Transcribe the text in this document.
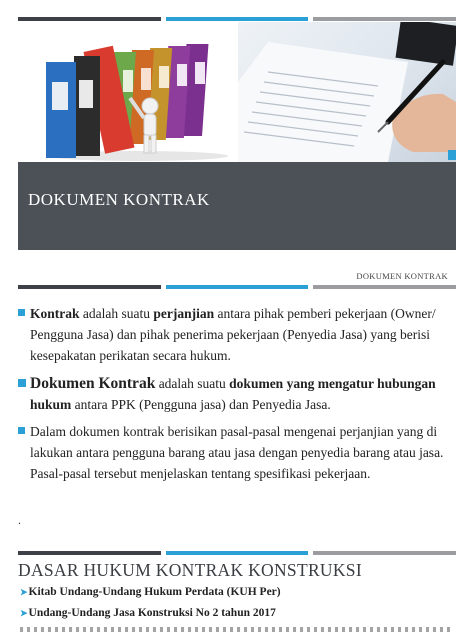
DOKUMEN KONTRAK
DOKUMEN KONTRAK
Kontrak adalah suatu perjanjian antara pihak pemberi pekerjaan (Owner/ Pengguna Jasa) dan pihak penerima pekerjaan (Penyedia Jasa) yang berisi kesepakatan perikatan secara hukum.
Dokumen Kontrak adalah suatu dokumen yang mengatur hubungan hukum antara PPK (Pengguna jasa) dan Penyedia Jasa.
Dalam dokumen kontrak berisikan pasal-pasal mengenai perjanjian yang di lakukan antara pengguna barang atau jasa dengan penyedia barang atau jasa. Pasal-pasal tersebut menjelaskan tentang spesifikasi pekerjaan.
.
DASAR HUKUM KONTRAK KONSTRUKSI
➤Kitab Undang-Undang Hukum Perdata (KUH Per)
➤Undang-Undang Jasa Konstruksi No 2 tahun 2017
